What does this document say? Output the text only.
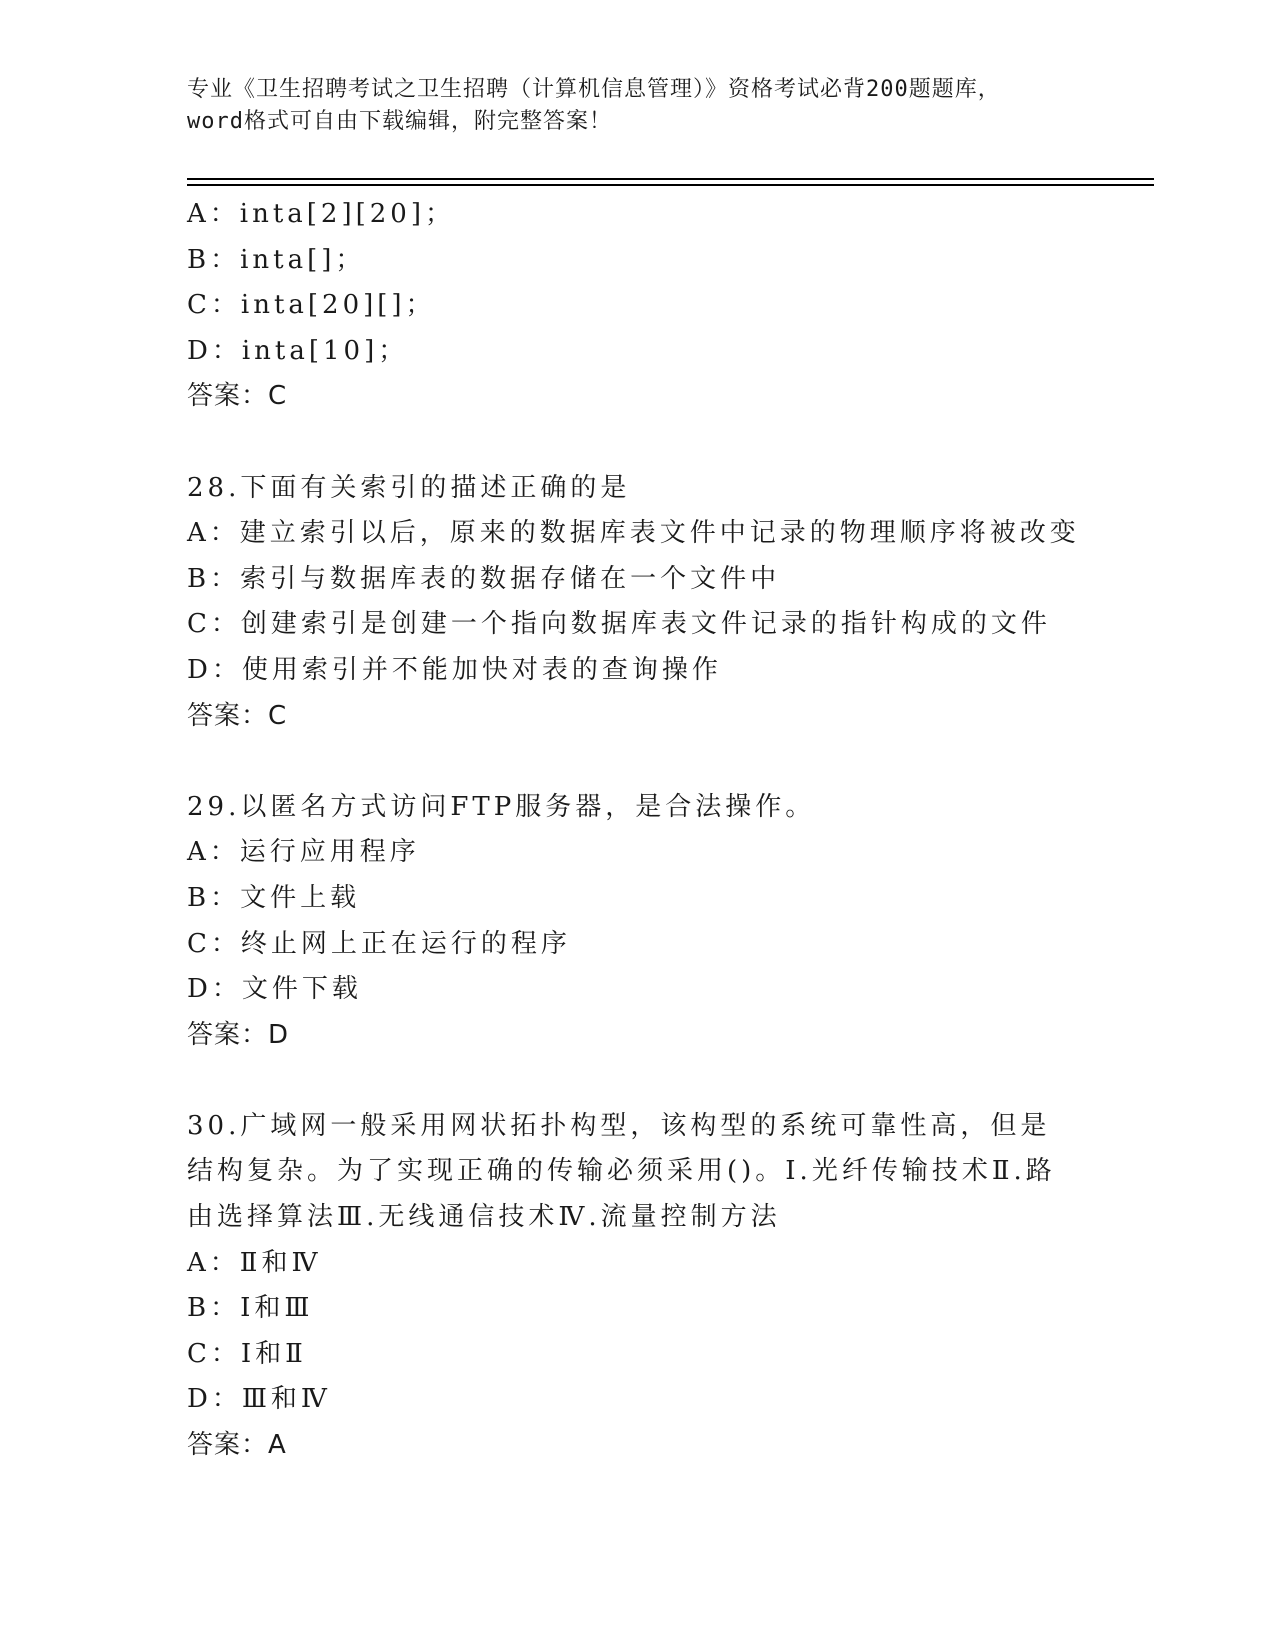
专业《卫生招聘考试之卫生招聘（计算机信息管理）》资格考试必背200题题库，
word格式可自由下载编辑，附完整答案！
A：inta[2][20]；
B：inta[]；
C：inta[20][]；
D：inta[10]；
答案：C
28.下面有关索引的描述正确的是
A：建立索引以后，原来的数据库表文件中记录的物理顺序将被改变
B：索引与数据库表的数据存储在一个文件中
C：创建索引是创建一个指向数据库表文件记录的指针构成的文件
D：使用索引并不能加快对表的查询操作
答案：C
29.以匿名方式访问FTP服务器，是合法操作。
A：运行应用程序
B：文件上载
C：终止网上正在运行的程序
D：文件下载
答案：D
30.广域网一般采用网状拓扑构型，该构型的系统可靠性高，但是结构复杂。为了实现正确的传输必须采用()。Ⅰ.光纤传输技术Ⅱ.路由选择算法Ⅲ.无线通信技术Ⅳ.流量控制方法
A：Ⅱ和Ⅳ
B：Ⅰ和Ⅲ
C：Ⅰ和Ⅱ
D：Ⅲ和Ⅳ
答案：A
